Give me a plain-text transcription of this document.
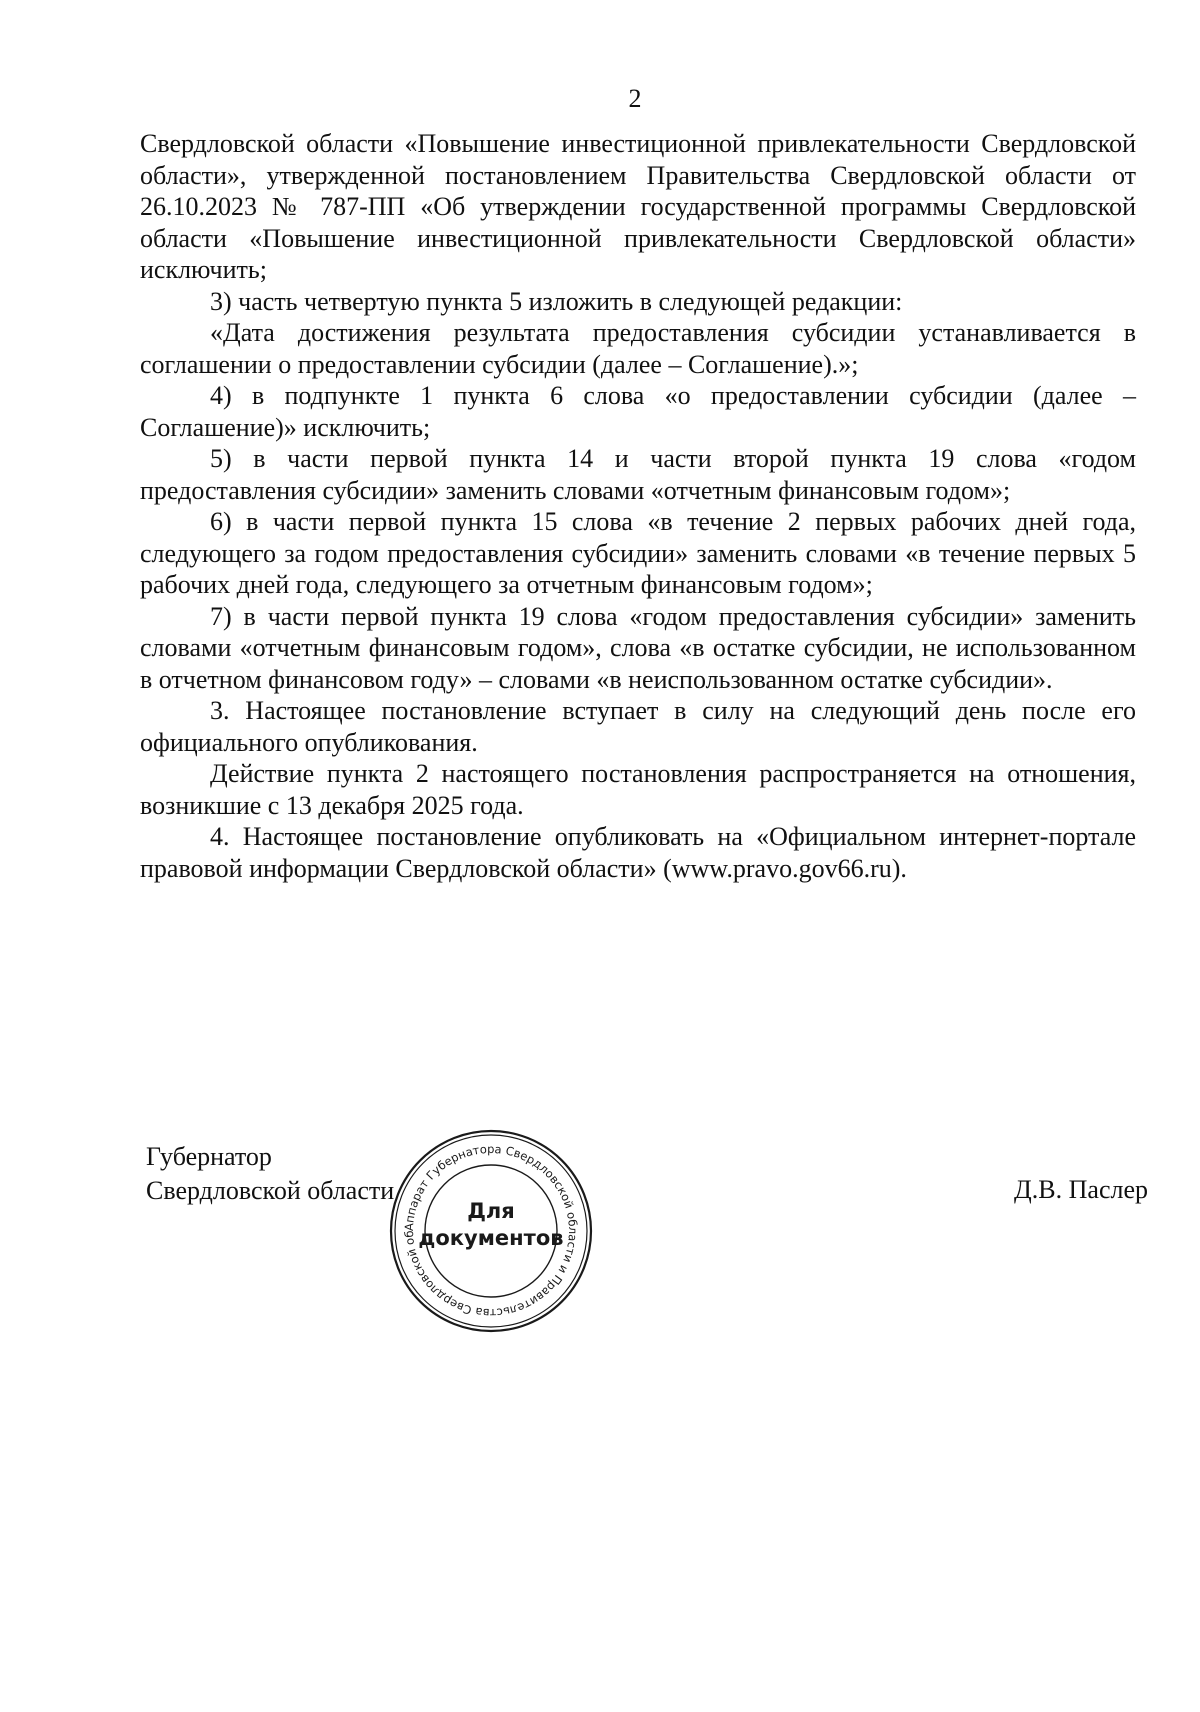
2

Свердловской области «Повышение инвестиционной привлекательности Свердловской области», утвержденной постановлением Правительства Свердловской области от 26.10.2023 № 787-ПП «Об утверждении государственной программы Свердловской области «Повышение инвестиционной привлекательности Свердловской области» исключить;

3) часть четвертую пункта 5 изложить в следующей редакции:

«Дата достижения результата предоставления субсидии устанавливается в соглашении о предоставлении субсидии (далее – Соглашение).»;

4) в подпункте 1 пункта 6 слова «о предоставлении субсидии (далее – Соглашение)» исключить;

5) в части первой пункта 14 и части второй пункта 19 слова «годом предоставления субсидии» заменить словами «отчетным финансовым годом»;

6) в части первой пункта 15 слова «в течение 2 первых рабочих дней года, следующего за годом предоставления субсидии» заменить словами «в течение первых 5 рабочих дней года, следующего за отчетным финансовым годом»;

7) в части первой пункта 19 слова «годом предоставления субсидии» заменить словами «отчетным финансовым годом», слова «в остатке субсидии, не использованном в отчетном финансовом году» – словами «в неиспользованном остатке субсидии».

3. Настоящее постановление вступает в силу на следующий день после его официального опубликования.

Действие пункта 2 настоящего постановления распространяется на отношения, возникшие с 13 декабря 2025 года.

4. Настоящее постановление опубликовать на «Официальном интернет-портале правовой информации Свердловской области» (www.pravo.gov66.ru).

Губернатор
Свердловской области
Аппарат Губернатора Свердловской области и Правительства Свердловской об
Для
документов
Д.В. Паслер
